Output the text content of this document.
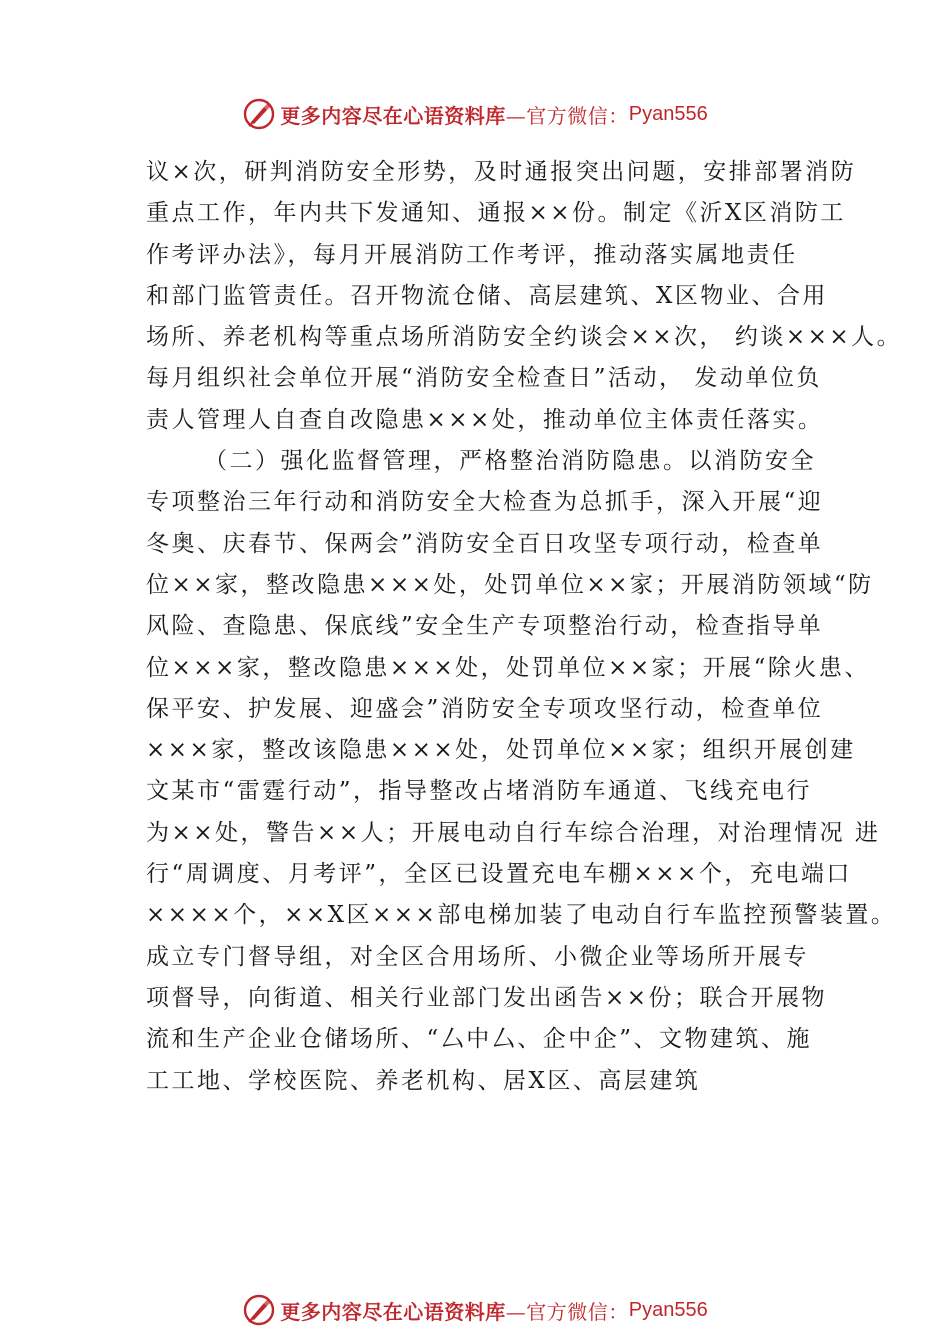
更多内容尽在心语资料库 —官方微信： Pyan556
议×次，研判消防安全形势，及时通报突出问题，安排部署消防
重点工作，年内共下发通知、通报××份。制定《沂X区消防工
作考评办法》，每月开展消防工作考评，推动落实属地责任
和部门监管责任。召开物流仓储、高层建筑、X区物业、合用
场所、养老机构等重点场所消防安全约谈会××次， 约谈×××人。
每月组织社会单位开展“消防安全检查日”活动， 发动单位负
责人管理人自查自改隐患×××处，推动单位主体责任落实。
（二）强化监督管理，严格整治消防隐患。以消防安全
专项整治三年行动和消防安全大检查为总抓手，深入开展“迎
冬奥、庆春节、保两会”消防安全百日攻坚专项行动，检查单
位××家，整改隐患×××处，处罚单位××家；开展消防领域“防
风险、查隐患、保底线”安全生产专项整治行动，检查指导单
位×××家，整改隐患×××处，处罚单位××家；开展“除火患、
保平安、护发展、迎盛会”消防安全专项攻坚行动，检查单位
×××家，整改该隐患×××处，处罚单位××家；组织开展创建
文某市“雷霆行动”，指导整改占堵消防车通道、飞线充电行
为××处，警告××人；开展电动自行车综合治理，对治理情况 进
行“周调度、月考评”，全区已设置充电车棚×××个，充电端口
××××个，××X区×××部电梯加装了电动自行车监控预警装置。
成立专门督导组，对全区合用场所、小微企业等场所开展专
项督导，向街道、相关行业部门发出函告××份；联合开展物
流和生产企业仓储场所、“厶中厶、企中企”、文物建筑、施
工工地、学校医院、养老机构、居X区、高层建筑
更多内容尽在心语资料库 —官方微信： Pyan556
